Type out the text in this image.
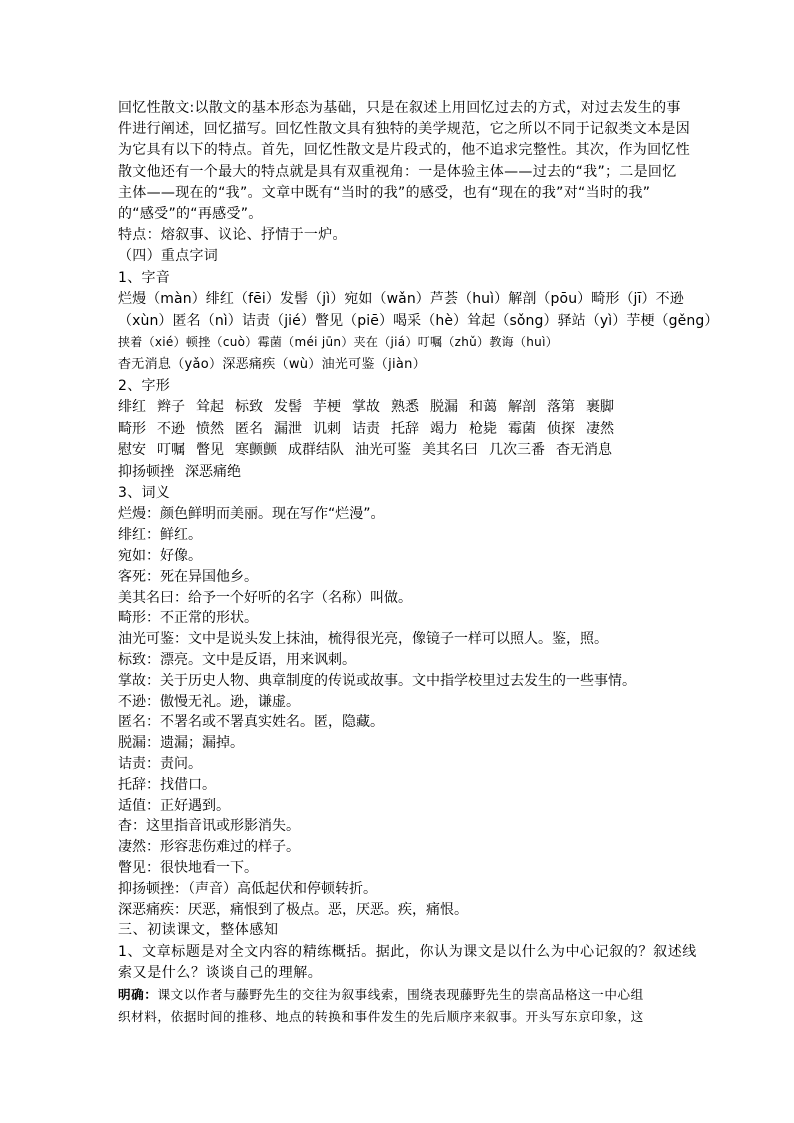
回忆性散文:以散文的基本形态为基础，只是在叙述上用回忆过去的方式，对过去发生的事
件进行阐述，回忆描写。回忆性散文具有独特的美学规范，它之所以不同于记叙类文本是因
为它具有以下的特点。首先，回忆性散文是片段式的，他不追求完整性。其次，作为回忆性
散文他还有一个最大的特点就是具有双重视角：一是体验主体——过去的“我”；二是回忆
主体——现在的“我”。文章中既有“当时的我”的感受，也有“现在的我”对“当时的我”
的“感受”的“再感受”。
特点：熔叙事、议论、抒情于一炉。
（四）重点字词
1、字音

烂熳（màn）绯红（fēi）发髻（jì）宛如（wǎn）芦荟（huì）解剖（pōu）畸形（jī）不逊
（xùn）匿名（nì）诘责（jié）瞥见（piē）喝采（hè）耸起（sǒng）驿站（yì）芋梗（gěng）
挟着（xié）顿挫（cuò）霉菌（méi jūn）夹在（jiá）叮嘱（zhǔ）教诲（huì）
杳无消息（yǎo）深恶痛疾（wù）油光可鉴（jiàn）

2、字形

绯红 辫子 耸起 标致 发髻 芋梗 掌故 熟悉 脱漏 和蔼 解剖 落第 裹脚
畸形 不逊 愤然 匿名 漏泄 讥刺 诘责 托辞 竭力 枪毙 霉菌 侦探 凄然
慰安 叮嘱 瞥见 寒颤颤 成群结队 油光可鉴 美其名曰 几次三番 杳无消息
抑扬顿挫 深恶痛绝

3、词义

烂熳：颜色鲜明而美丽。现在写作“烂漫”。
绯红：鲜红。
宛如：好像。
客死：死在异国他乡。
美其名曰：给予一个好听的名字（名称）叫做。
畸形：不正常的形状。
油光可鉴：文中是说头发上抹油，梳得很光亮，像镜子一样可以照人。鉴，照。
标致：漂亮。文中是反语，用来讽刺。
掌故：关于历史人物、典章制度的传说或故事。文中指学校里过去发生的一些事情。
不逊：傲慢无礼。逊，谦虚。
匿名：不署名或不署真实姓名。匿，隐藏。
脱漏：遗漏；漏掉。
诘责：责问。
托辞：找借口。
适值：正好遇到。
杳：这里指音讯或形影消失。
凄然：形容悲伤难过的样子。
瞥见：很快地看一下。
抑扬顿挫：（声音）高低起伏和停顿转折。
深恶痛疾：厌恶，痛恨到了极点。恶，厌恶。疾，痛恨。

三、初读课文，整体感知
1、文章标题是对全文内容的精练概括。据此，你认为课文是以什么为中心记叙的？叙述线
索又是什么？谈谈自己的理解。

明确：课文以作者与藤野先生的交往为叙事线索，围绕表现藤野先生的崇高品格这一中心组
织材料，依据时间的推移、地点的转换和事件发生的先后顺序来叙事。开头写东京印象，这
